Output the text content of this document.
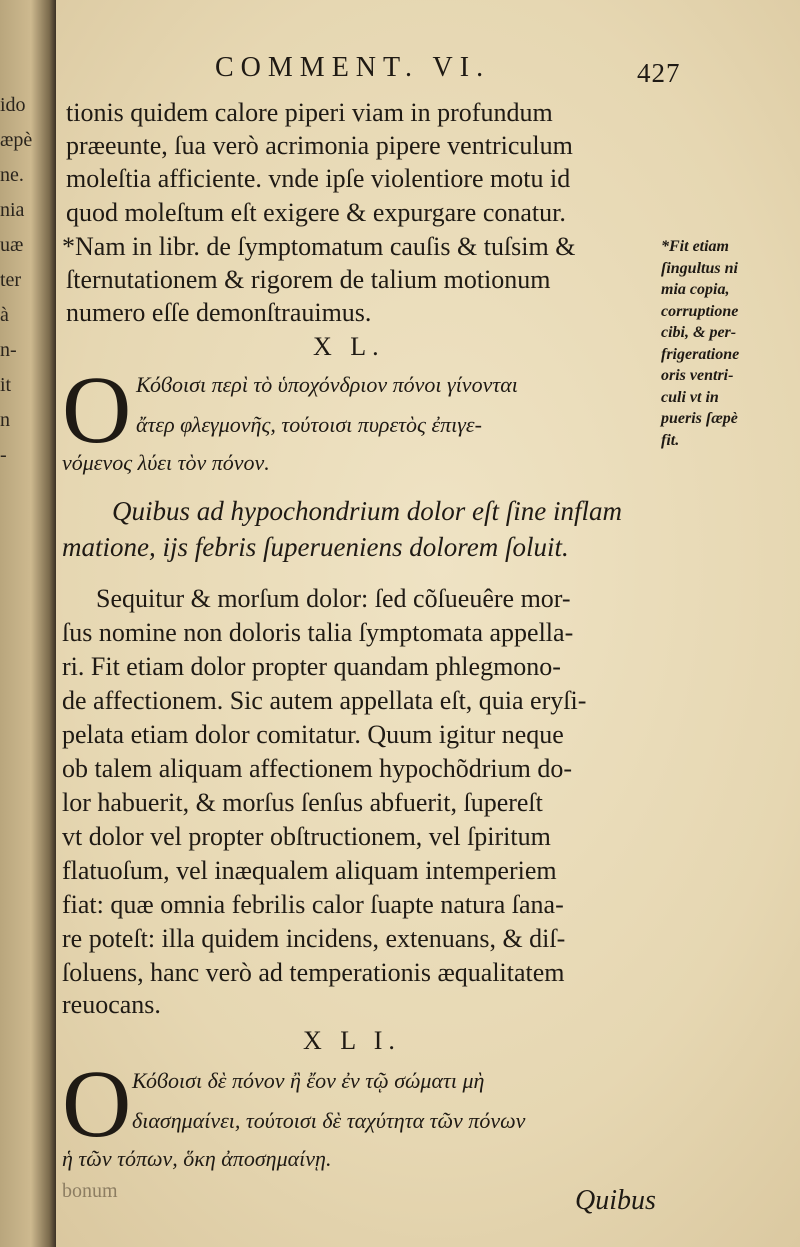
ido
æpè
ne.
nia
uæ
ter
à
n-
it
n
-
COMMENT. VI.	427
tionis quidem calore piperi viam in profundum
præeunte, ſua verò acrimonia pipere ventriculum
moleſtia afficiente. vnde ipſe violentiore motu id
quod moleſtum eſt exigere & expurgare conatur.
*Nam in libr. de ſymptomatum cauſis & tuſsim &
ſternutationem & rigorem de talium motionum
numero eſſe demonſtrauimus.
*Fit etiam
ſingultus ni
mia copia,
corruptione
cibi, & per-
frigeratione
oris ventri-
culi vt in
pueris ſæpè
fit.
X L.
O Κόϐοισι περὶ τὸ ὑποχόνδριον πόνοι γίνονται
ἄτερ φλεγμονῆς, τούτοισι πυρετὸς ἐπιγε-
νόμενος λύει τὸν πόνον.
Quibus ad hypochondrium dolor eſt ſine inflam
matione, ijs febris ſuperueniens dolorem ſoluit.
Sequitur & morſum dolor: ſed cõſueuêre mor-
ſus nomine non doloris talia ſymptomata appella-
ri. Fit etiam dolor propter quandam phlegmono-
de affectionem. Sic autem appellata eſt, quia eryſi-
pelata etiam dolor comitatur. Quum igitur neque
ob talem aliquam affectionem hypochõdrium do-
lor habuerit, & morſus ſenſus abfuerit, ſupereſt
vt dolor vel propter obſtructionem, vel ſpiritum
flatuoſum, vel inæqualem aliquam intemperiem
fiat: quæ omnia febrilis calor ſuapte natura ſana-
re poteſt: illa quidem incidens, extenuans, & diſ-
ſoluens, hanc verò ad temperationis æqualitatem
reuocans.
X L I.
O Κόϐοισι δὲ πόνον ἢ ἔον ἐν τῷ σώματι μὴ
διασημαίνει, τούτοισι δὲ ταχύτητα τῶν πόνων
ἡ τῶν τόπων, ὅκη ἀποσημαίνῃ.
bonum	Quibus
